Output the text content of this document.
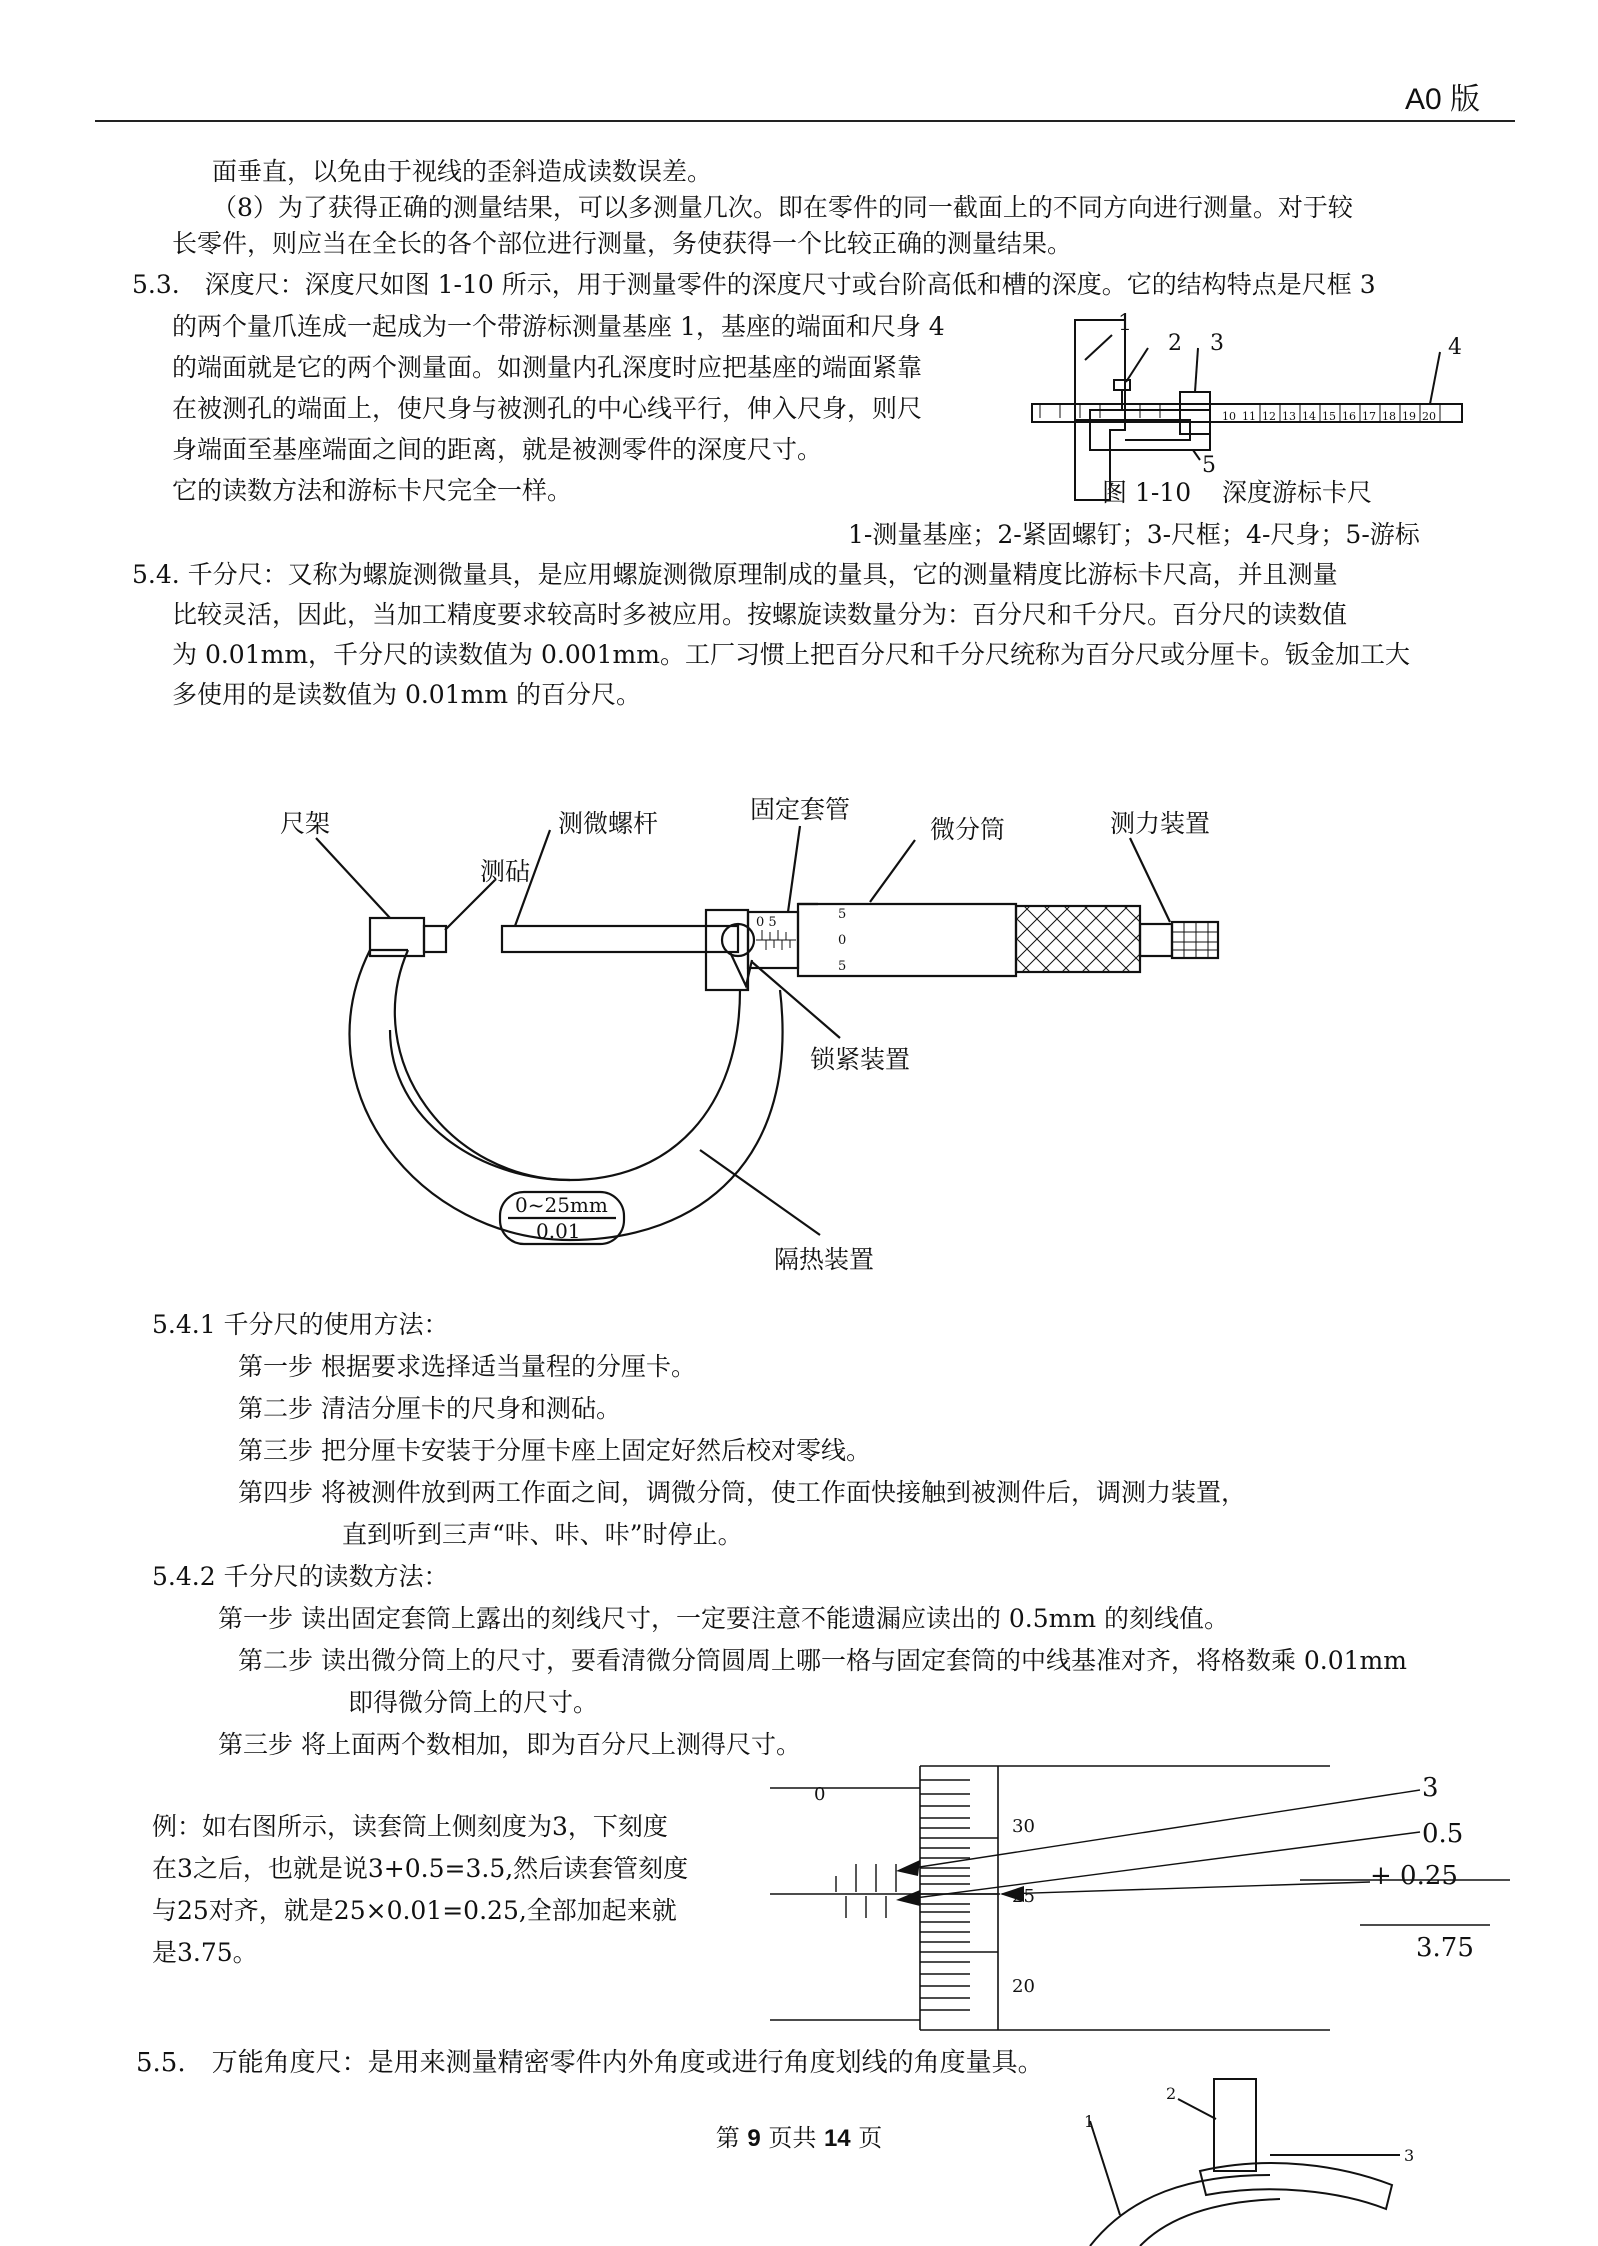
A0 版
面垂直，以免由于视线的歪斜造成读数误差。
（8）为了获得正确的测量结果，可以多测量几次。即在零件的同一截面上的不同方向进行测量。对于较
长零件，则应当在全长的各个部位进行测量，务使获得一个比较正确的测量结果。
5.3.　深度尺：深度尺如图 1-10 所示，用于测量零件的深度尺寸或台阶高低和槽的深度。它的结构特点是尺框 3
的两个量爪连成一起成为一个带游标测量基座 1，基座的端面和尺身 4
的端面就是它的两个测量面。如测量内孔深度时应把基座的端面紧靠
在被测孔的端面上，使尺身与被测孔的中心线平行，伸入尺身，则尺
身端面至基座端面之间的距离，就是被测零件的深度尺寸。
它的读数方法和游标卡尺完全一样。
10 11 12 13 14 15 16 17 18 19 20
1
2 3	4
5
图 1-10 深度游标卡尺
1-测量基座；2-紧固螺钉；3-尺框；4-尺身；5-游标
5.4. 千分尺：又称为螺旋测微量具，是应用螺旋测微原理制成的量具，它的测量精度比游标卡尺高，并且测量
比较灵活，因此，当加工精度要求较高时多被应用。按螺旋读数量分为：百分尺和千分尺。百分尺的读数值
为 0.01mm，千分尺的读数值为 0.001mm。工厂习惯上把百分尺和千分尺统称为百分尺或分厘卡。钣金加工大
多使用的是读数值为 0.01mm 的百分尺。
0 5
5
0
5
0~25mm
0.01
尺架	测微螺杆	固定套管
微分筒	测力装置
测砧
锁紧装置
隔热装置
5.4.1 千分尺的使用方法：
第一步 根据要求选择适当量程的分厘卡。
第二步 清洁分厘卡的尺身和测砧。
第三步 把分厘卡安装于分厘卡座上固定好然后校对零线。
第四步 将被测件放到两工作面之间，调微分筒，使工作面快接触到被测件后，调测力装置，
直到听到三声“咔、咔、咔”时停止。
5.4.2 千分尺的读数方法：
第一步 读出固定套筒上露出的刻线尺寸，一定要注意不能遗漏应读出的 0.5mm 的刻线值。
第二步 读出微分筒上的尺寸，要看清微分筒圆周上哪一格与固定套筒的中线基准对齐，将格数乘 0.01mm
即得微分筒上的尺寸。
第三步 将上面两个数相加，即为百分尺上测得尺寸。
例：如右图所示，读套筒上侧刻度为3，下刻度
在3之后，也就是说3+0.5=3.5,然后读套管刻度
与25对齐，就是25×0.01=0.25,全部加起来就
是3.75。
0
30
25
20
3
0.5
+ 0.25
3.75
5.5.　万能角度尺：是用来测量精密零件内外角度或进行角度划线的角度量具。
2
3
1
第 9 页共 14 页
